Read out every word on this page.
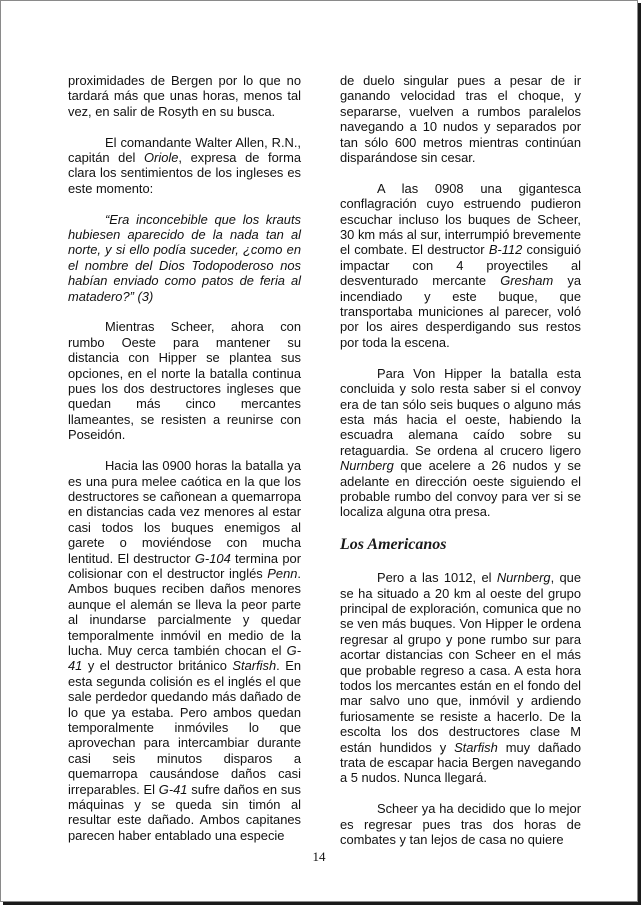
proximidades de Bergen por lo que no tardará más que unas horas, menos tal vez, en salir de Rosyth en su busca.

El comandante Walter Allen, R.N., capitán del Oriole, expresa de forma clara los sentimientos de los ingleses es este momento:

“Era inconcebible que los krauts hubiesen aparecido de la nada tan al norte, y si ello podía suceder, ¿como en el nombre del Dios Todopoderoso nos habían enviado como patos de feria al matadero?” (3)

Mientras Scheer, ahora con rumbo Oeste para mantener su distancia con Hipper se plantea sus opciones, en el norte la batalla continua pues los dos destructores ingleses que quedan más cinco mercantes llameantes, se resisten a reunirse con Poseidón.

Hacia las 0900 horas la batalla ya es una pura melee caótica en la que los destructores se cañonean a quemarropa en distancias cada vez menores al estar casi todos los buques enemigos al garete o moviéndose con mucha lentitud. El destructor G-104 termina por colisionar con el destructor inglés Penn. Ambos buques reciben daños menores aunque el alemán se lleva la peor parte al inundarse parcialmente y quedar temporalmente inmóvil en medio de la lucha. Muy cerca también chocan el G-41 y el destructor británico Starfish. En esta segunda colisión es el inglés el que sale perdedor quedando más dañado de lo que ya estaba. Pero ambos quedan temporalmente inmóviles lo que aprovechan para intercambiar durante casi seis minutos disparos a quemarropa causándose daños casi irreparables. El G-41 sufre daños en sus máquinas y se queda sin timón al resultar este dañado. Ambos capitanes parecen haber entablado una especie

de duelo singular pues a pesar de ir ganando velocidad tras el choque, y separarse, vuelven a rumbos paralelos navegando a 10 nudos y separados por tan sólo 600 metros mientras continúan disparándose sin cesar.

A las 0908 una gigantesca conflagración cuyo estruendo pudieron escuchar incluso los buques de Scheer, 30 km más al sur, interrumpió brevemente el combate. El destructor B-112 consiguió impactar con 4 proyectiles al desventurado mercante Gresham ya incendiado y este buque, que transportaba municiones al parecer, voló por los aires desperdigando sus restos por toda la escena.

Para Von Hipper la batalla esta concluida y solo resta saber si el convoy era de tan sólo seis buques o alguno más esta más hacia el oeste, habiendo la escuadra alemana caído sobre su retaguardia. Se ordena al crucero ligero Nurnberg que acelere a 26 nudos y se adelante en dirección oeste siguiendo el probable rumbo del convoy para ver si se localiza alguna otra presa.

Los Americanos

Pero a las 1012, el Nurnberg, que se ha situado a 20 km al oeste del grupo principal de exploración, comunica que no se ven más buques. Von Hipper le ordena regresar al grupo y pone rumbo sur para acortar distancias con Scheer en el más que probable regreso a casa. A esta hora todos los mercantes están en el fondo del mar salvo uno que, inmóvil y ardiendo furiosamente se resiste a hacerlo. De la escolta los dos destructores clase M están hundidos y Starfish muy dañado trata de escapar hacia Bergen navegando a 5 nudos. Nunca llegará.

Scheer ya ha decidido que lo mejor es regresar pues tras dos horas de combates y tan lejos de casa no quiere

14
